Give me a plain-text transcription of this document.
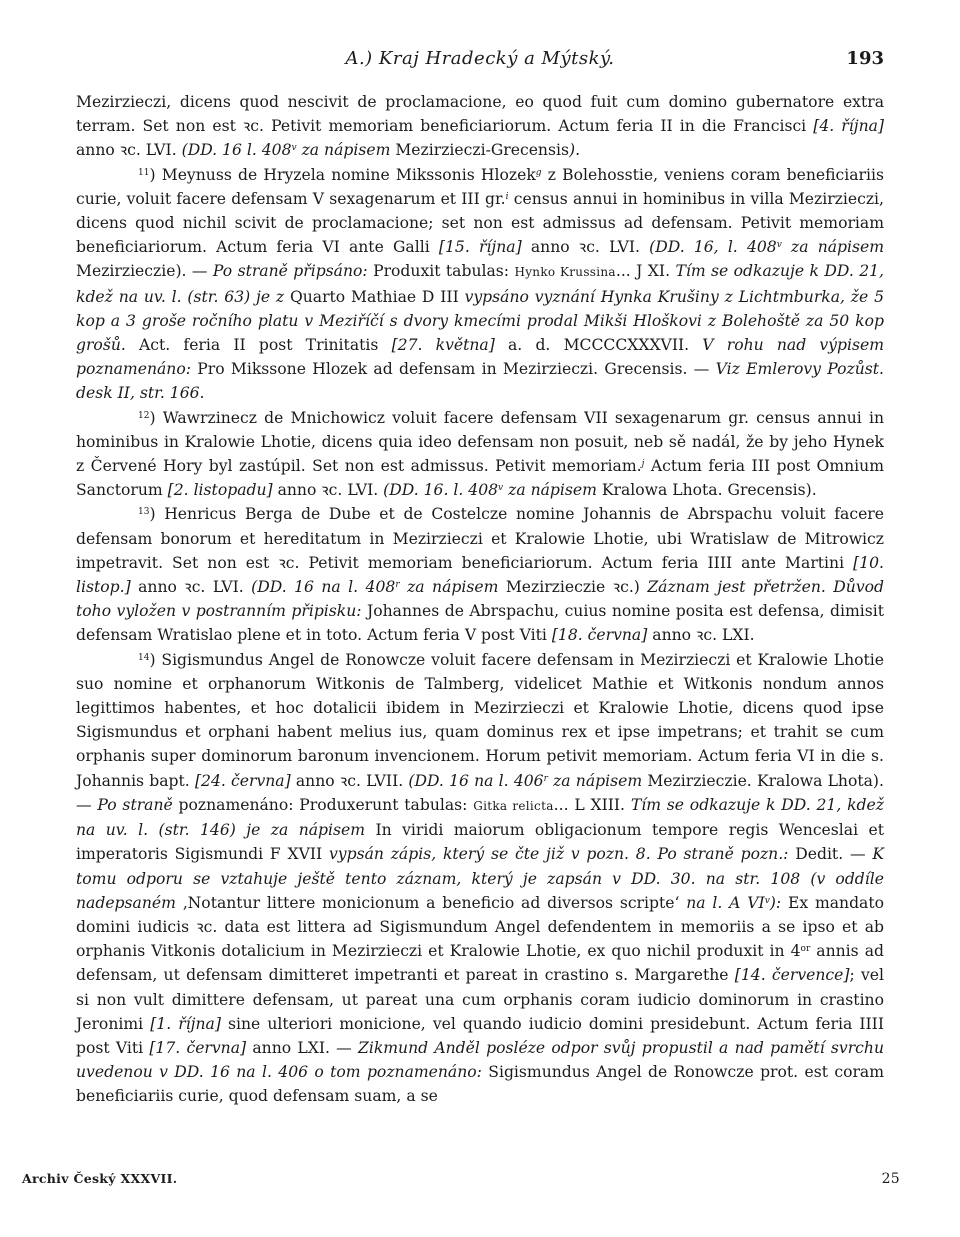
A.) Kraj Hradecký a Mýtský.	193

Mezirzieczi, dicens quod nescivit de proclamacione, eo quod fuit cum domino gubernatore extra terram. Set non est ꝛc. Petivit memoriam beneficiariorum. Actum feria II in die Francisci [4. října] anno ꝛc. LVI. (DD. 16 l. 408$^v$ za nápisem Mezirzieczi-Grecensis).

$^{11}$) Meynuss de Hryzela nomine Mikssonis Hlozek$^g$ z Bolehosstie, veniens coram beneficiariis curie, voluit facere defensam V sexagenarum et III gr.$^i$ census annui in hominibus in villa Mezirzieczi, dicens quod nichil scivit de proclamacione; set non est admissus ad defensam. Petivit memoriam beneficiariorum. Actum feria VI ante Galli [15. října] anno ꝛc. LVI. (DD. 16, l. 408$^v$ za nápisem Mezirzieczie). — Po straně připsáno: Produxit tabulas: Hynko Krussina... J XI. Tím se odkazuje k DD. 21, kdež na uv. l. (str. 63) je z Quarto Mathiae D III vypsáno vyznání Hynka Krušiny z Lichtmburka, že 5 kop a 3 groše ročního platu v Meziříčí s dvory kmecími prodal Mikši Hloškovi z Bolehoště za 50 kop grošů. Act. feria II post Trinitatis [27. května] a. d. MCCCCXXXVII. V rohu nad výpisem poznamenáno: Pro Mikssone Hlozek ad defensam in Mezirzieczi. Grecensis. — Viz Emlerovy Pozůst. desk II, str. 166.

$^{12}$) Wawrzinecz de Mnichowicz voluit facere defensam VII sexagenarum gr. census annui in hominibus in Kralowie Lhotie, dicens quia ideo defensam non posuit, neb sě nadál, že by jeho Hynek z Červené Hory byl zastúpil. Set non est admissus. Petivit memoriam.$^j$ Actum feria III post Omnium Sanctorum [2. listopadu] anno ꝛc. LVI. (DD. 16. l. 408$^v$ za nápisem Kralowa Lhota. Grecensis).

$^{13}$) Henricus Berga de Dube et de Costelcze nomine Johannis de Abrspachu voluit facere defensam bonorum et hereditatum in Mezirzieczi et Kralowie Lhotie, ubi Wratislaw de Mitrowicz impetravit. Set non est ꝛc. Petivit memoriam beneficiariorum. Actum feria IIII ante Martini [10. listop.] anno ꝛc. LVI. (DD. 16 na l. 408$^r$ za nápisem Mezirzieczie ꝛc.) Záznam jest přetržen. Důvod toho vyložen v postranním připisku: Johannes de Abrspachu, cuius nomine posita est defensa, dimisit defensam Wratislao plene et in toto. Actum feria V post Viti [18. června] anno ꝛc. LXI.

$^{14}$) Sigismundus Angel de Ronowcze voluit facere defensam in Mezirzieczi et Kralowie Lhotie suo nomine et orphanorum Witkonis de Talmberg, videlicet Mathie et Witkonis nondum annos legittimos habentes, et hoc dotalicii ibidem in Mezirzieczi et Kralowie Lhotie, dicens quod ipse Sigismundus et orphani habent melius ius, quam dominus rex et ipse impetrans; et trahit se cum orphanis super dominorum baronum invencionem. Horum petivit memoriam. Actum feria VI in die s. Johannis bapt. [24. června] anno ꝛc. LVII. (DD. 16 na l. 406$^r$ za nápisem Mezirzieczie. Kralowa Lhota). — Po straně poznamenáno: Produxerunt tabulas: Gitka relicta... L XIII. Tím se odkazuje k DD. 21, kdež na uv. l. (str. 146) je za nápisem In viridi maiorum obligacionum tempore regis Wenceslai et imperatoris Sigismundi F XVII vypsán zápis, který se čte již v pozn. 8. Po straně pozn.: Dedit. — K tomu odporu se vztahuje ještě tento záznam, který je zapsán v DD. 30. na str. 108 (v oddíle nadepsaném ‚Notantur littere monicionum a beneficio ad diversos scripte‘ na l. A $VI^v$): Ex mandato domini iudicis ꝛc. data est littera ad Sigismundum Angel defendentem in memoriis a se ipso et ab orphanis Vitkonis dotalicium in Mezirzieczi et Kralowie Lhotie, ex quo nichil produxit in $4^{or}$ annis ad defensam, ut defensam dimitteret impetranti et pareat in crastino s. Margarethe [14. července]; vel si non vult dimittere defensam, ut pareat una cum orphanis coram iudicio dominorum in crastino Jeronimi [1. října] sine ulteriori monicione, vel quando iudicio domini presidebunt. Actum feria IIII post Viti [17. června] anno LXI. — Zikmund Anděl posléze odpor svůj propustil a nad pamětí svrchu uvedenou v DD. 16 na l. 406 o tom poznamenáno: Sigismundus Angel de Ronowcze prot. est coram beneficiariis curie, quod defensam suam, a se

Archiv Český XXXVII.	25
